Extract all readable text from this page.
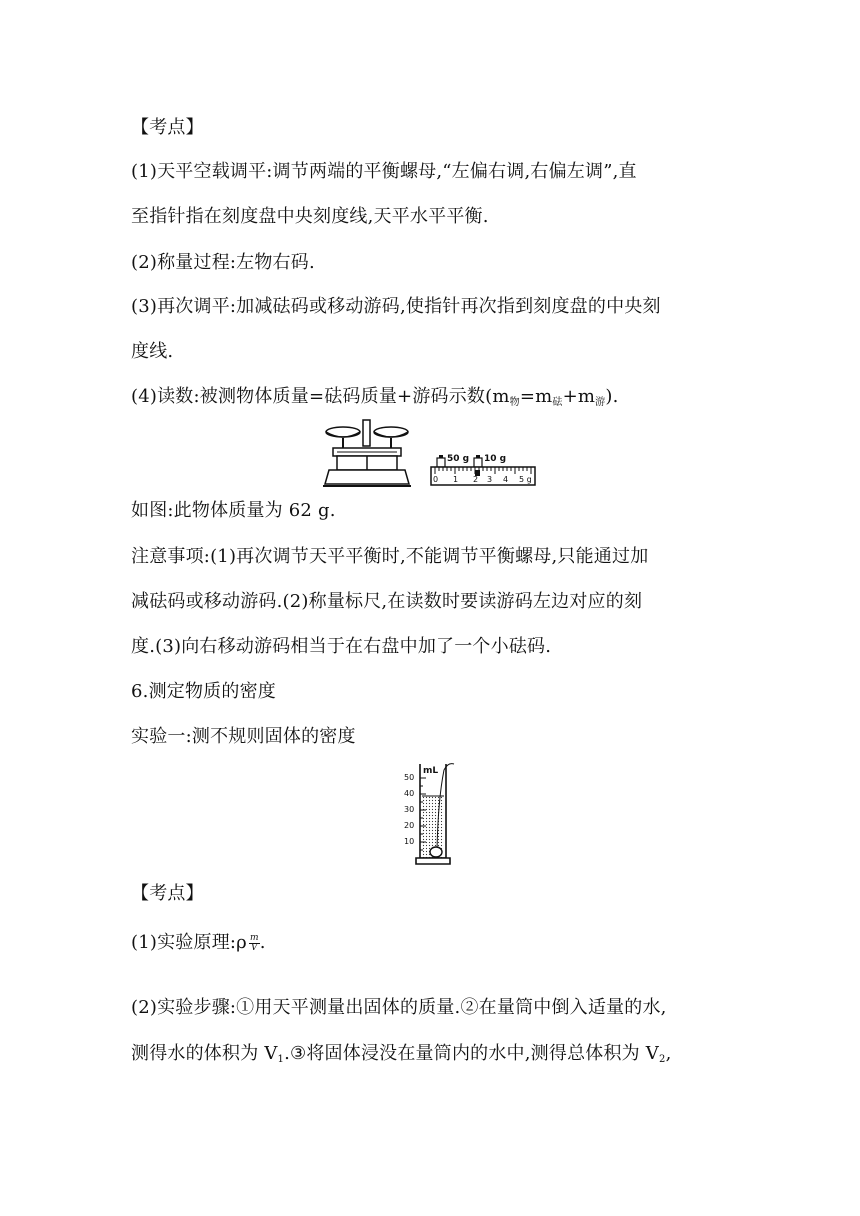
【考点】
(1)天平空载调平:调节两端的平衡螺母,“左偏右调,右偏左调”,直
至指针指在刻度盘中央刻度线,天平水平平衡.
(2)称量过程:左物右码.
(3)再次调平:加减砝码或移动游码,使指针再次指到刻度盘的中央刻
度线.
(4)读数:被测物体质量=砝码质量+游码示数$(m_物=m_砝+m_游)$.
50 g 10 g
0 1 2 3 4 5 g
如图:此物体质量为 62 g.
注意事项:(1)再次调节天平平衡时,不能调节平衡螺母,只能通过加
减砝码或移动游码.(2)称量标尺,在读数时要读游码左边对应的刻
度.(3)向右移动游码相当于在右盘中加了一个小砝码.
6.测定物质的密度
实验一:测不规则固体的密度
mL
50
40
30
20
10
【考点】
(1)实验原理:ρ $\frac{m}{V}$ .
(2)实验步骤:①用天平测量出固体的质量.②在量筒中倒入适量的水,
测得水的体积为 $V_1.③$将固体浸没在量筒内的水中,测得总体积为 $V_2$,
